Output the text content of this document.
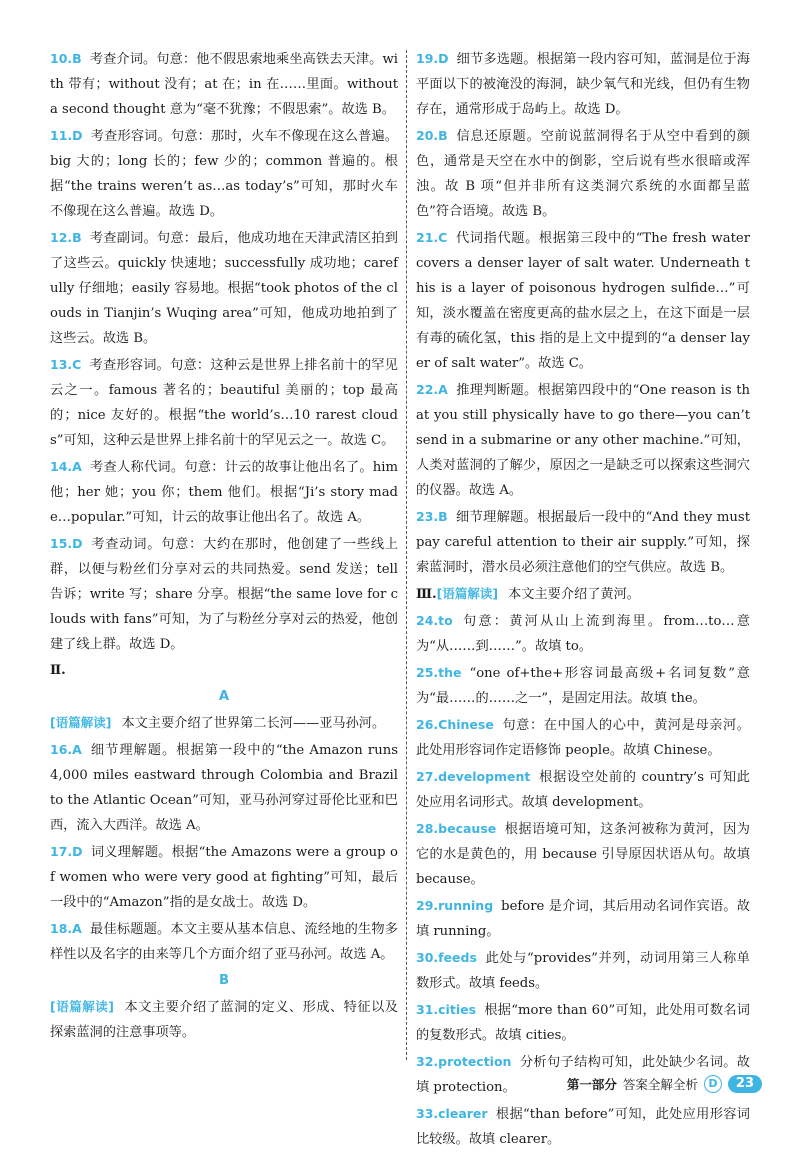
10.B 考查介词。句意：他不假思索地乘坐高铁去天津。with 带有；without 没有；at 在；in 在……里面。without a second thought 意为“毫不犹豫；不假思索”。故选 B。

11.D 考查形容词。句意：那时，火车不像现在这么普遍。big 大的；long 长的；few 少的；common 普遍的。根据“the trains weren’t as…as today’s”可知，那时火车不像现在这么普遍。故选 D。

12.B 考查副词。句意：最后，他成功地在天津武清区拍到了这些云。quickly 快速地；successfully 成功地；carefully 仔细地；easily 容易地。根据“took photos of the clouds in Tianjin’s Wuqing area”可知，他成功地拍到了这些云。故选 B。

13.C 考查形容词。句意：这种云是世界上排名前十的罕见云之一。famous 著名的；beautiful 美丽的；top 最高的；nice 友好的。根据“the world’s…10 rarest clouds”可知，这种云是世界上排名前十的罕见云之一。故选 C。

14.A 考查人称代词。句意：计云的故事让他出名了。him 他；her 她；you 你；them 他们。根据“Ji’s story made…popular.”可知，计云的故事让他出名了。故选 A。

15.D 考查动词。句意：大约在那时，他创建了一些线上群，以便与粉丝们分享对云的共同热爱。send 发送；tell 告诉；write 写；share 分享。根据“the same love for clouds with fans”可知，为了与粉丝分享对云的热爱，他创建了线上群。故选 D。

Ⅱ.

A

[语篇解读] 本文主要介绍了世界第二长河——亚马孙河。

16.A 细节理解题。根据第一段中的“the Amazon runs 4,000 miles eastward through Colombia and Brazil to the Atlantic Ocean”可知，亚马孙河穿过哥伦比亚和巴西，流入大西洋。故选 A。

17.D 词义理解题。根据“the Amazons were a group of women who were very good at fighting”可知，最后一段中的“Amazon”指的是女战士。故选 D。

18.A 最佳标题题。本文主要从基本信息、流经地的生物多样性以及名字的由来等几个方面介绍了亚马孙河。故选 A。

B

[语篇解读] 本文主要介绍了蓝洞的定义、形成、特征以及探索蓝洞的注意事项等。

19.D 细节多选题。根据第一段内容可知，蓝洞是位于海平面以下的被淹没的海洞，缺少氧气和光线，但仍有生物存在，通常形成于岛屿上。故选 D。

20.B 信息还原题。空前说蓝洞得名于从空中看到的颜色，通常是天空在水中的倒影，空后说有些水很暗或浑浊。故 B 项“但并非所有这类洞穴系统的水面都呈蓝色”符合语境。故选 B。

21.C 代词指代题。根据第三段中的“The fresh water covers a denser layer of salt water. Underneath this is a layer of poisonous hydrogen sulfide…”可知，淡水覆盖在密度更高的盐水层之上，在这下面是一层有毒的硫化氢，this 指的是上文中提到的“a denser layer of salt water”。故选 C。

22.A 推理判断题。根据第四段中的“One reason is that you still physically have to go there—you can’t send in a submarine or any other machine.”可知，人类对蓝洞的了解少，原因之一是缺乏可以探索这些洞穴的仪器。故选 A。

23.B 细节理解题。根据最后一段中的“And they must pay careful attention to their air supply.”可知，探索蓝洞时，潜水员必须注意他们的空气供应。故选 B。

Ⅲ.[语篇解读] 本文主要介绍了黄河。

24.to 句意：黄河从山上流到海里。from…to…意为“从……到……”。故填 to。

25.the “one of+the+形容词最高级+名词复数”意为“最……的……之一”，是固定用法。故填 the。

26.Chinese 句意：在中国人的心中，黄河是母亲河。此处用形容词作定语修饰 people。故填 Chinese。

27.development 根据设空处前的 country’s 可知此处应用名词形式。故填 development。

28.because 根据语境可知，这条河被称为黄河，因为它的水是黄色的，用 because 引导原因状语从句。故填 because。

29.running before 是介词，其后用动名词作宾语。故填 running。

30.feeds 此处与“provides”并列，动词用第三人称单数形式。故填 feeds。

31.cities 根据“more than 60”可知，此处用可数名词的复数形式。故填 cities。

32.protection 分析句子结构可知，此处缺少名词。故填 protection。

33.clearer 根据“than before”可知，此处应用形容词比较级。故填 clearer。

第一部分 答案全解全析 D	23
